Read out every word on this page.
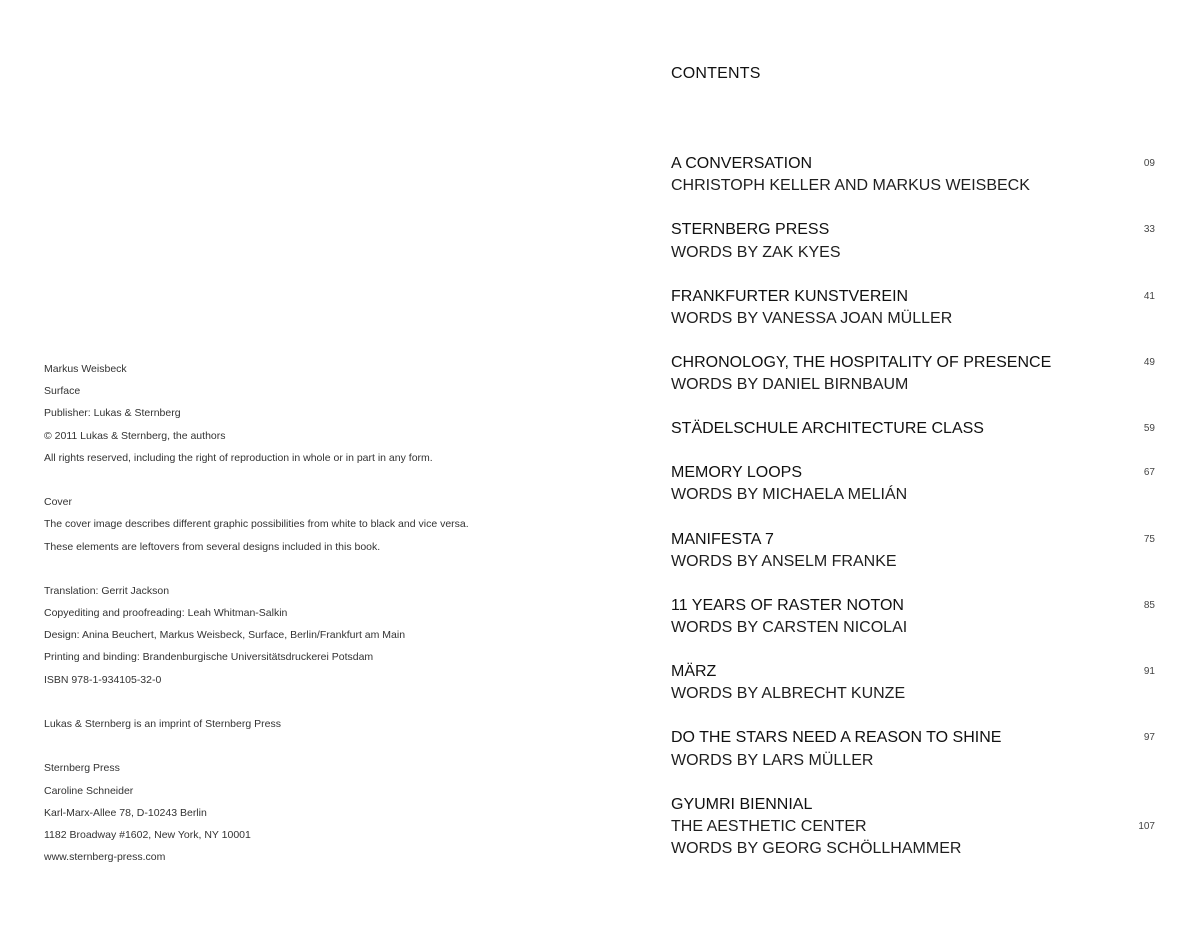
Markus Weisbeck
Surface
Publisher: Lukas & Sternberg
© 2011 Lukas & Sternberg, the authors
All rights reserved, including the right of reproduction in whole or in part in any form.
Cover
The cover image describes different graphic possibilities from white to black and vice versa.
These elements are leftovers from several designs included in this book.
Translation: Gerrit Jackson
Copyediting and proofreading: Leah Whitman-Salkin
Design: Anina Beuchert, Markus Weisbeck, Surface, Berlin/Frankfurt am Main
Printing and binding: Brandenburgische Universitätsdruckerei Potsdam
ISBN 978-1-934105-32-0
Lukas & Sternberg is an imprint of Sternberg Press
Sternberg Press
Caroline Schneider
Karl-Marx-Allee 78, D-10243 Berlin
1182 Broadway #1602, New York, NY 10001
www.sternberg-press.com
CONTENTS
A CONVERSATION
CHRISTOPH KELLER AND MARKUS WEISBECK
09
STERNBERG PRESS
WORDS BY ZAK KYES
33
FRANKFURTER KUNSTVEREIN
WORDS BY VANESSA JOAN MÜLLER
41
CHRONOLOGY, THE HOSPITALITY OF PRESENCE
WORDS BY DANIEL BIRNBAUM
49
STÄDELSCHULE ARCHITECTURE CLASS	59
MEMORY LOOPS
WORDS BY MICHAELA MELIÁN
67
MANIFESTA 7
WORDS BY ANSELM FRANKE
75
11 YEARS OF RASTER NOTON
WORDS BY CARSTEN NICOLAI
85
MÄRZ
WORDS BY ALBRECHT KUNZE
91
DO THE STARS NEED A REASON TO SHINE
WORDS BY LARS MÜLLER
97
GYUMRI BIENNIAL
THE AESTHETIC CENTER
WORDS BY GEORG SCHÖLLHAMMER
107
